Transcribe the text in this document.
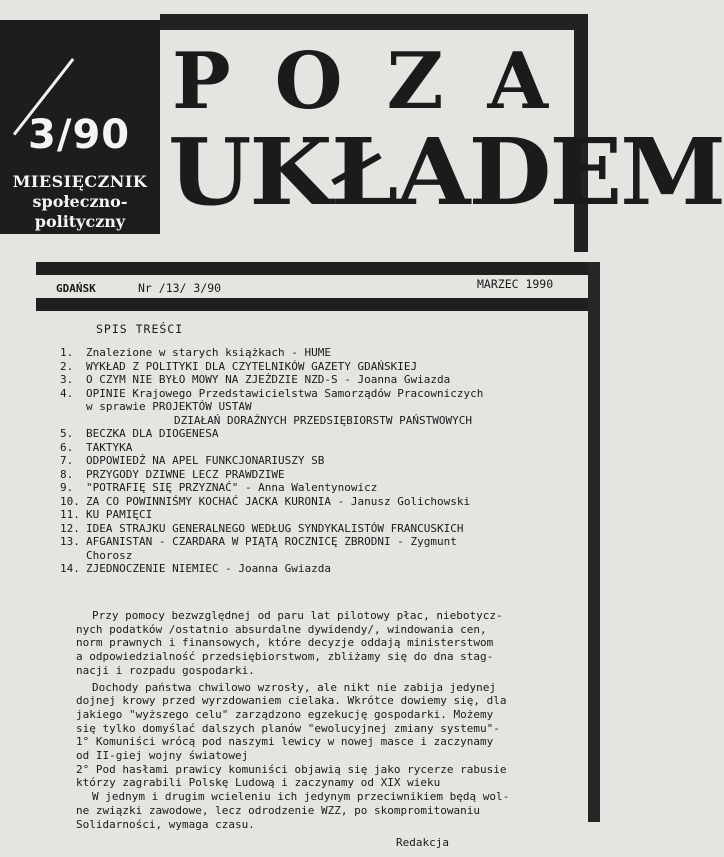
3/90
MIESIĘCZNIK
społeczno-
polityczny
POZA
UKŁADEM
GDAŃSK	Nr /13/ 3/90	MARZEC 1990
SPIS TREŚCI
1. Znalezione w starych książkach - HUME
2. WYKŁAD Z POLITYKI DLA CZYTELNIKÓW GAZETY GDAŃSKIEJ
3. O CZYM NIE BYŁO MOWY NA ZJEŹDZIE NZD-S - Joanna Gwiazda
4. OPINIE Krajowego Przedstawicielstwa Samorządów Pracowniczych
w sprawie PROJEKTÓW USTAW
DZIAŁAŃ DORAŹNYCH PRZEDSIĘBIORSTW PAŃSTWOWYCH
5. BECZKA DLA DIOGENESA
6. TAKTYKA
7. ODPOWIEDŹ NA APEL FUNKCJONARIUSZY SB
8. PRZYGODY DZIWNE LECZ PRAWDZIWE
9. "POTRAFIĘ SIĘ PRZYZNAĆ" - Anna Walentynowicz
10. ZA CO POWINNIŚMY KOCHAĆ JACKA KURONIA - Janusz Golichowski
11. KU PAMIĘCI
12. IDEA STRAJKU GENERALNEGO WEDŁUG SYNDYKALISTÓW FRANCUSKICH
13. AFGANISTAN - CZARDARA W PIĄTĄ ROCZNICĘ ZBRODNI - Zygmunt
Chorosz
14. ZJEDNOCZENIE NIEMIEC - Joanna Gwiazda

Przy pomocy bezwzględnej od paru lat pilotowy płac, niebotycz-

nych podatków /ostatnio absurdalne dywidendy/, windowania cen,

norm prawnych i finansowych, które decyzje oddają ministerstwom

a odpowiedzialność przedsiębiorstwom, zbliżamy się do dna stag-

nacji i rozpadu gospodarki.

Dochody państwa chwilowo wzrosły, ale nikt nie zabija jedynej

dojnej krowy przed wyrzdowaniem cielaka. Wkrótce dowiemy się, dla

jakiego "wyższego celu" zarządzono egzekucję gospodarki. Możemy

się tylko domyślać dalszych planów "ewolucyjnej zmiany systemu"-

1° Komuniści wrócą pod naszymi lewicy w nowej masce i zaczynamy

od II-giej wojny światowej

2° Pod hasłami prawicy komuniści objawią się jako rycerze rabusie

którzy zagrabili Polskę Ludową i zaczynamy od XIX wieku

W jednym i drugim wcieleniu ich jedynym przeciwnikiem będą wol-

ne związki zawodowe, lecz odrodzenie WZZ, po skompromitowaniu

Solidarności, wymaga czasu.

Redakcja
